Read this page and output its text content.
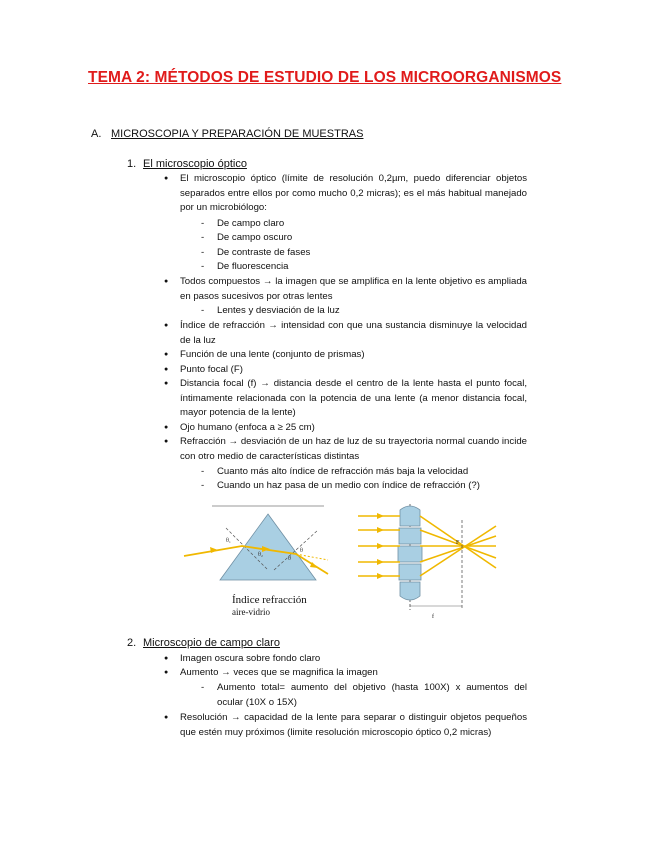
TEMA 2: MÉTODOS DE ESTUDIO DE LOS MICROORGANISMOS
A. MICROSCOPIA Y PREPARACIÓN DE MUESTRAS
1. El microscopio óptico
● El microscopio óptico (límite de resolución 0,2µm, puedo diferenciar objetos separados entre ellos por como mucho 0,2 micras); es el más habitual manejado por un microbiólogo:
- De campo claro
- De campo oscuro
- De contraste de fases
- De fluorescencia
● Todos compuestos → la imagen que se amplifica en la lente objetivo es ampliada en pasos sucesivos por otras lentes
- Lentes y desviación de la luz
● Índice de refracción → intensidad con que una sustancia disminuye la velocidad de la luz
● Función de una lente (conjunto de prismas)
● Punto focal (F)
● Distancia focal (f) → distancia desde el centro de la lente hasta el punto focal, íntimamente relacionada con la potencia de una lente (a menor distancia focal, mayor potencia de la lente)
● Ojo humano (enfoca a ≥ 25 cm)
● Refracción → desviación de un haz de luz de su trayectoria normal cuando incide con otro medio de características distintas
- Cuanto más alto índice de refracción más baja la velocidad
- Cuando un haz pasa de un medio con índice de refracción (?)
θ₁
θ₂
θ
θ
Índice refracción
aire-vidrio
F
f
2. Microscopio de campo claro
● Imagen oscura sobre fondo claro
● Aumento → veces que se magnifica la imagen
- Aumento total= aumento del objetivo (hasta 100X) x aumentos del ocular (10X o 15X)
● Resolución → capacidad de la lente para separar o distinguir objetos pequeños que estén muy próximos (limite resolución microscopio óptico 0,2 micras)
